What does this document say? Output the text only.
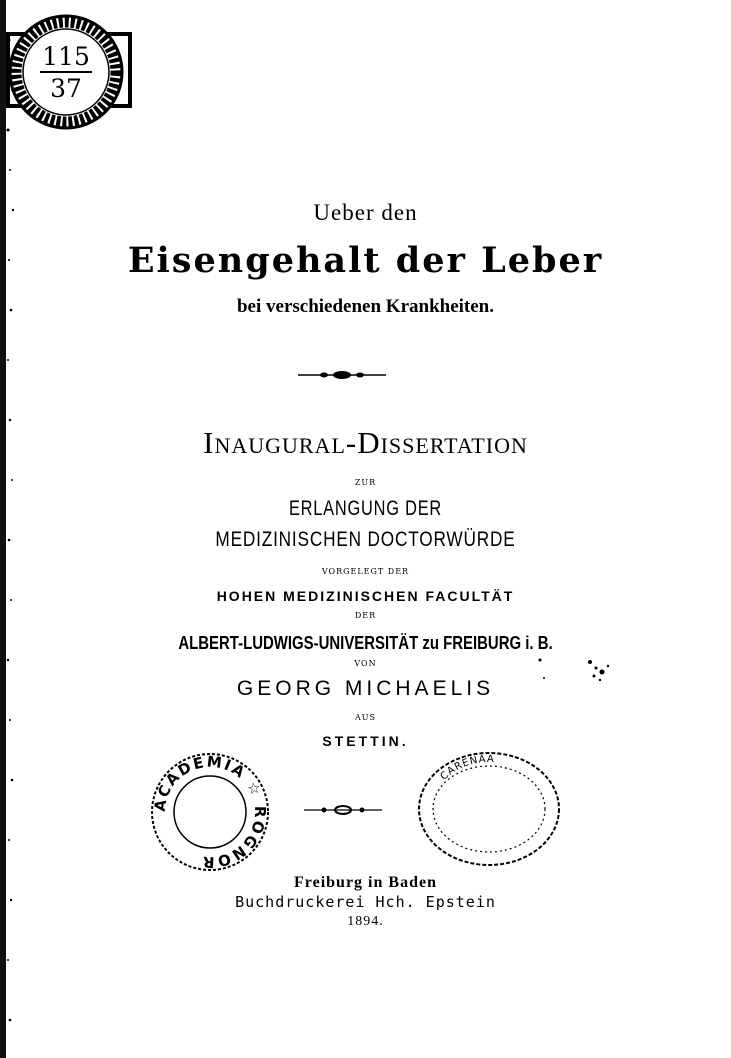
115
37
Ueber den
Eisengehalt der Leber
bei verschiedenen Krankheiten.
Inaugural-Dissertation
ZUR
ERLANGUNG DER
MEDIZINISCHEN DOCTORWÜRDE
VORGELEGT DER
HOHEN MEDIZINISCHEN FACULTÄT
DER
ALBERT-LUDWIGS-UNIVERSITÄT zu FREIBURG i. B.
VON
GEORG MICHAELIS
AUS
STETTIN.
ACADEMIA ☆ ROGNOR
CARENAA
Freiburg in Baden
Buchdruckerei Hch. Epstein
1894.
